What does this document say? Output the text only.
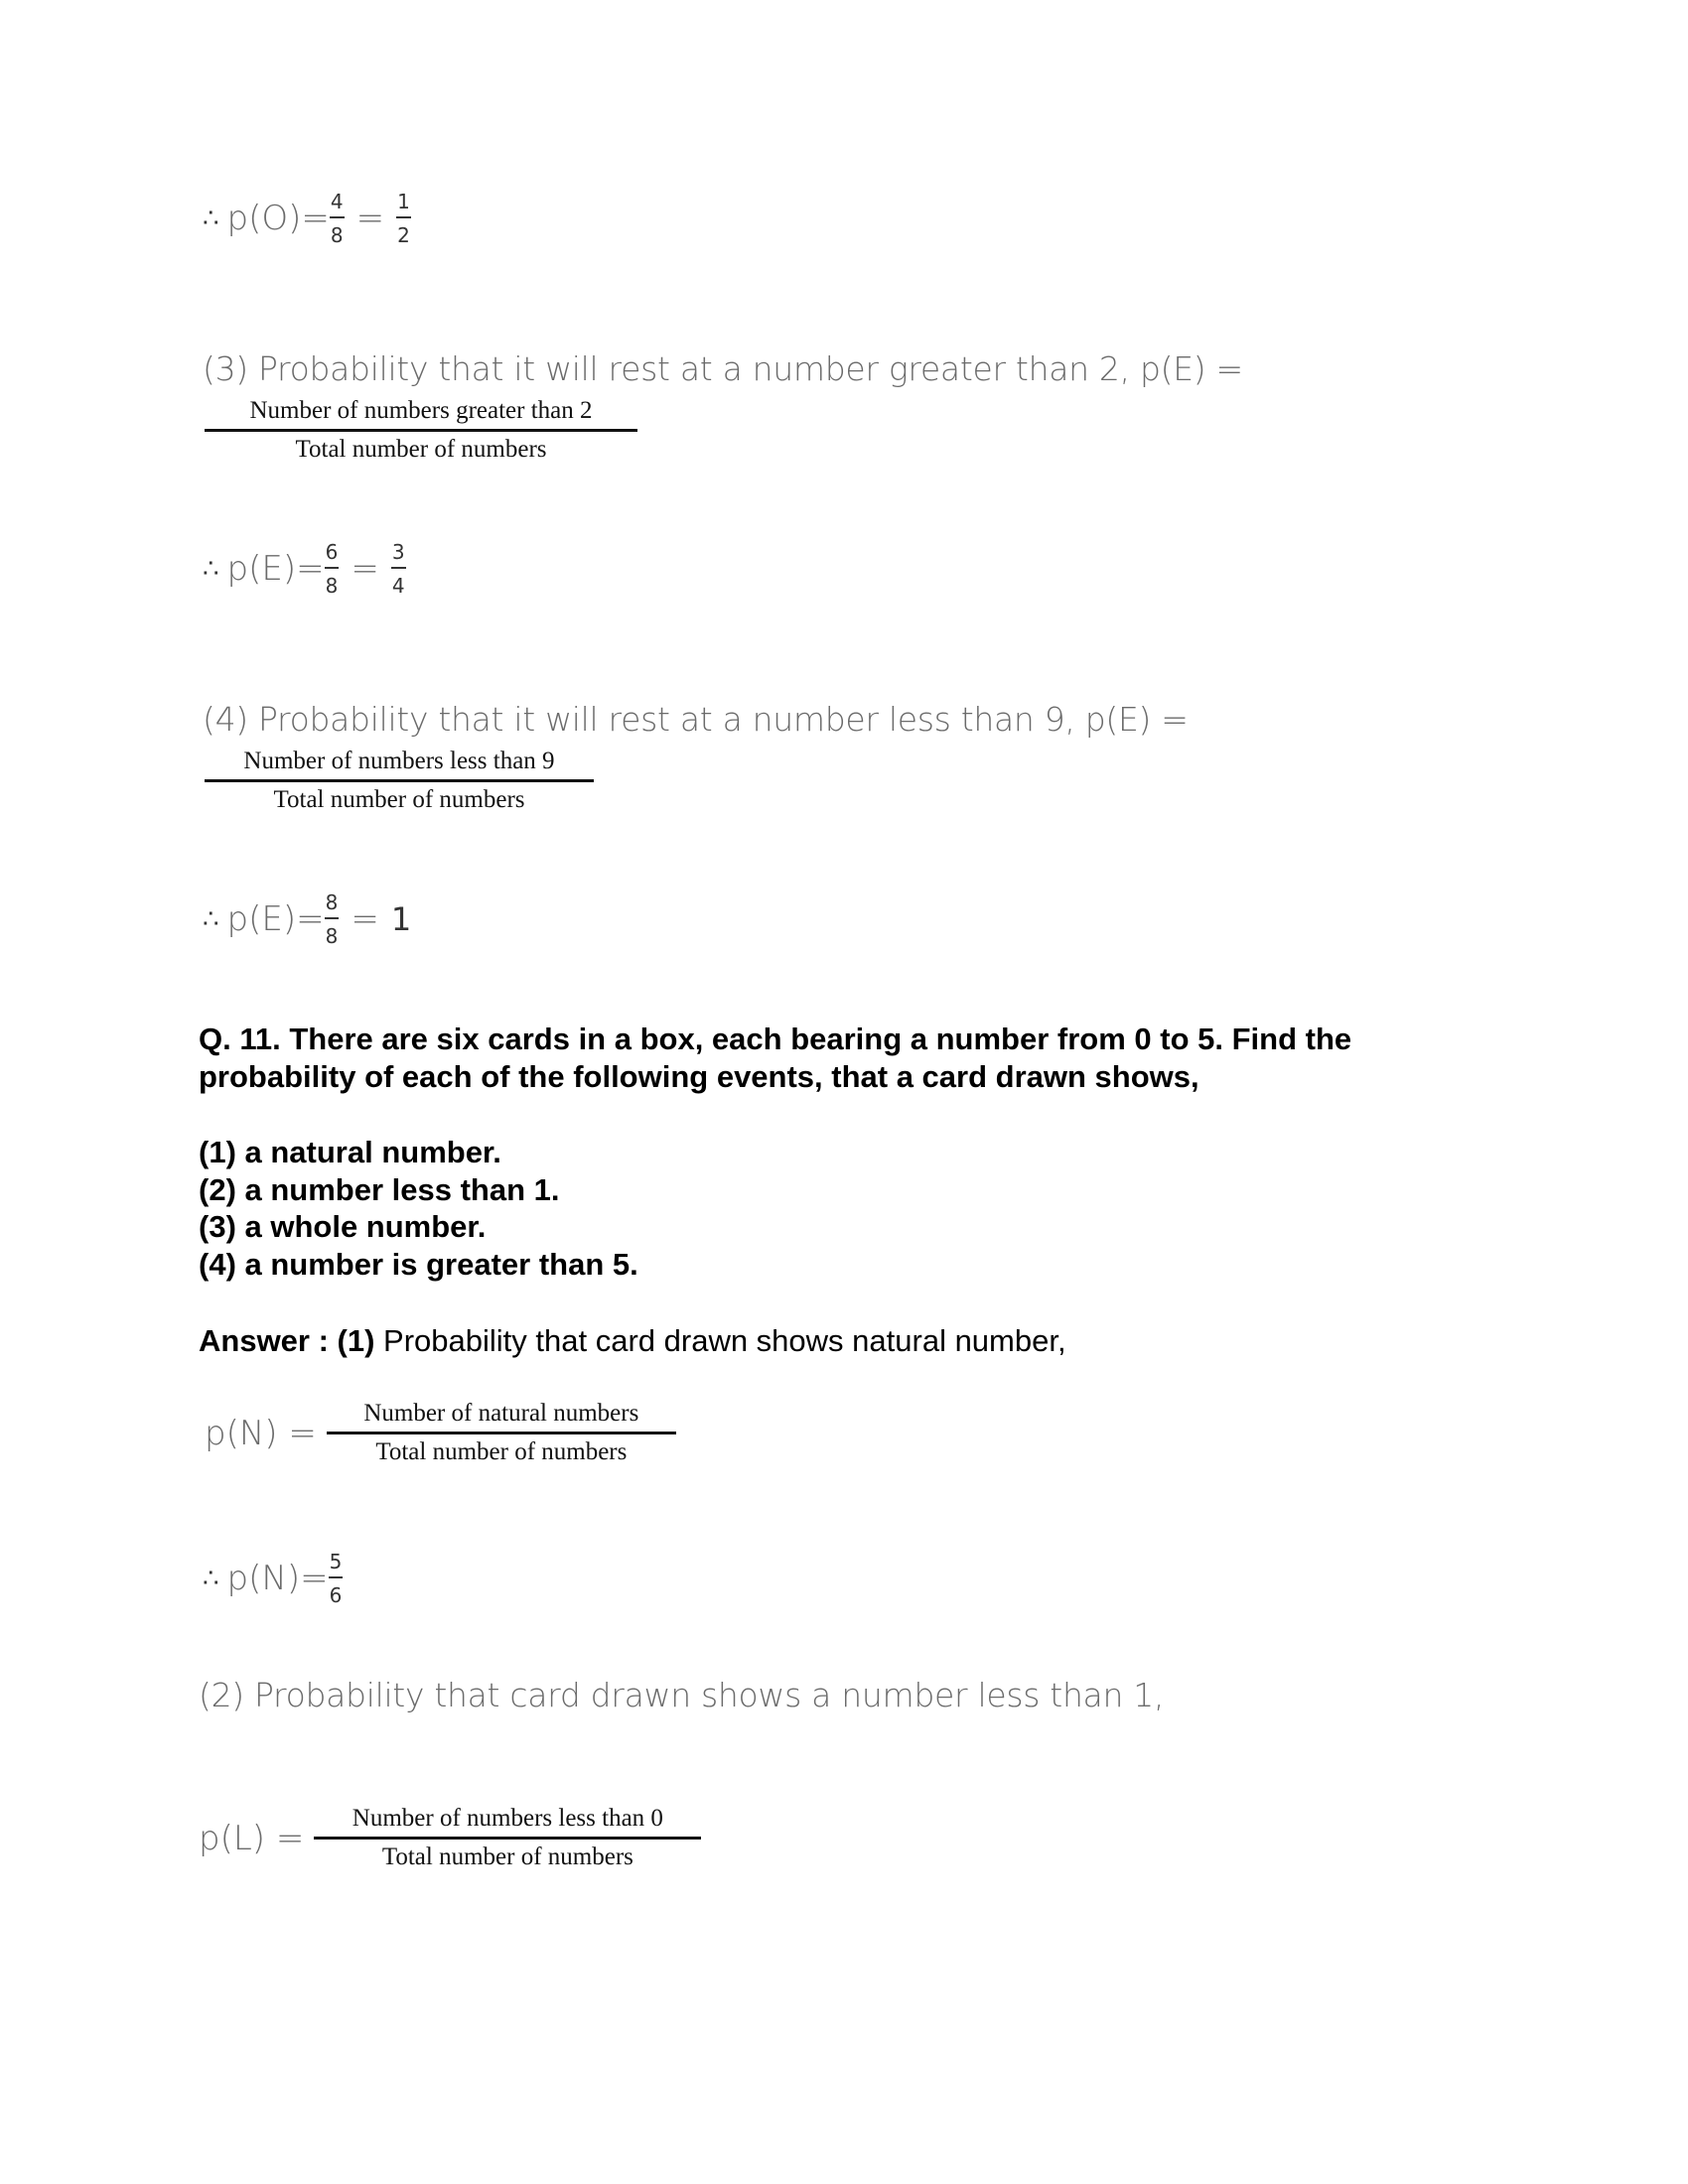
∴ $p(O)= \frac{4}{8} = \frac{1}{2}$
(3) Probability that it will rest at a number greater than 2, p(E) =
Number of numbers greater than 2
Total number of numbers
∴ $p(E)= \frac{6}{8} = \frac{3}{4}$
(4) Probability that it will rest at a number less than 9, p(E) =
Number of numbers less than 9
Total number of numbers
∴ $p(E)= \frac{8}{8} = 1$
Q. 11. There are six cards in a box, each bearing a number from 0 to 5. Find the
probability of each of the following events, that a card drawn shows,
(1) a natural number.
(2) a number less than 1.
(3) a whole number.
(4) a number is greater than 5.
Answer : (1) Probability that card drawn shows natural number,
$p(N) = \frac{\text{Number of natural numbers}}{\text{Total number of numbers}}$
∴ $p(N)= \frac{5}{6}$
(2) Probability that card drawn shows a number less than 1,
$p(L) = \frac{\text{Number of numbers less than 0}}{\text{Total number of numbers}}$
